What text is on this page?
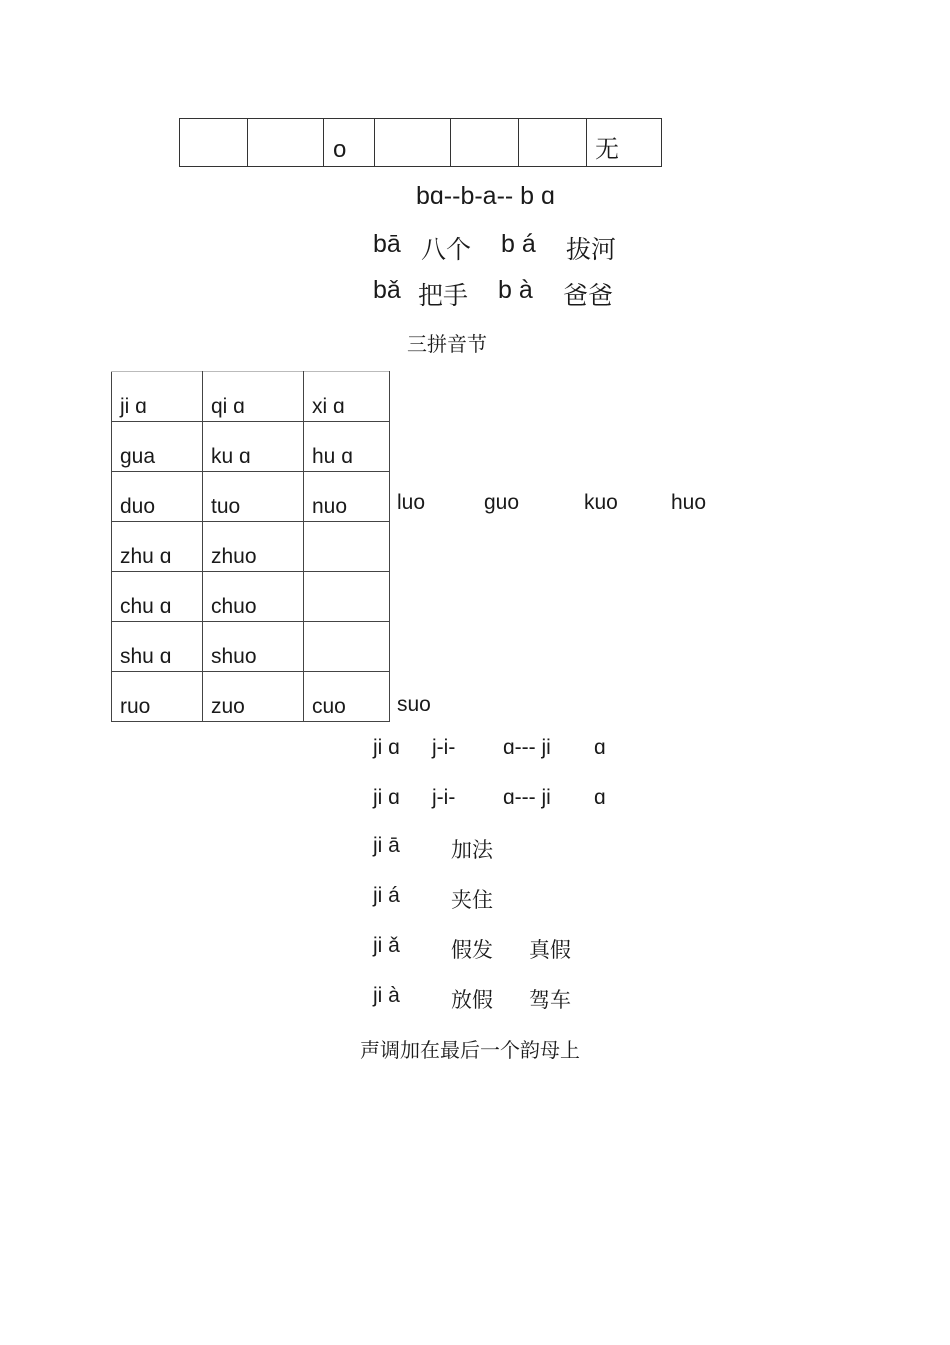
o	无
bɑ--b-a-- b ɑ
bā 八个 b á 拔河
bǎ 把手 b à 爸爸
三拼音节
ji ɑ	qi ɑ	xi ɑ
ɡua	ku ɑ	hu ɑ
duo	tuo	nuo
zhu ɑ	zhuo	
chu ɑ	chuo	
shu ɑ	shuo	
ruo	zuo	cuo
luo	ɡuo	kuo	huo
suo
ji ɑ j-i- ɑ--- ji ɑ
ji ɑ j-i- ɑ--- ji ɑ
ji ā 加法
ji á 夹住
ji ǎ 假发 真假
ji à 放假 驾车
声调加在最后一个韵母上
